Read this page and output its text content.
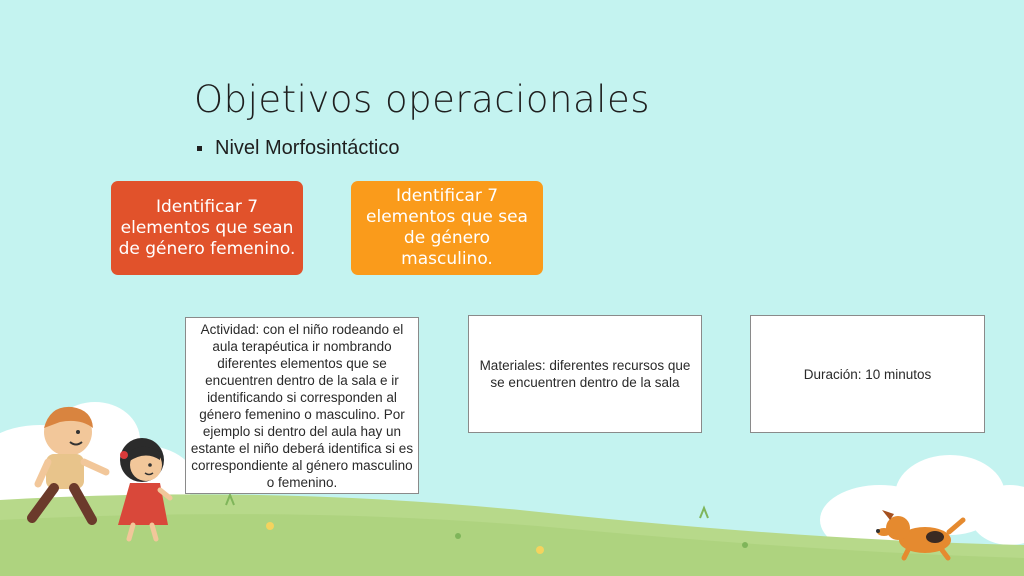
Objetivos operacionales
Nivel Morfosintáctico
Identificar 7 elementos que sean de género femenino.
Identificar 7 elementos que sea de género masculino.
Actividad: con el niño rodeando el aula terapéutica ir nombrando diferentes elementos que se encuentren dentro de la sala e ir identificando si corresponden al género femenino o masculino. Por ejemplo si dentro del aula hay un estante el niño deberá identifica si es correspondiente al género masculino o femenino.
Materiales: diferentes recursos que se encuentren dentro de la sala
Duración: 10 minutos
